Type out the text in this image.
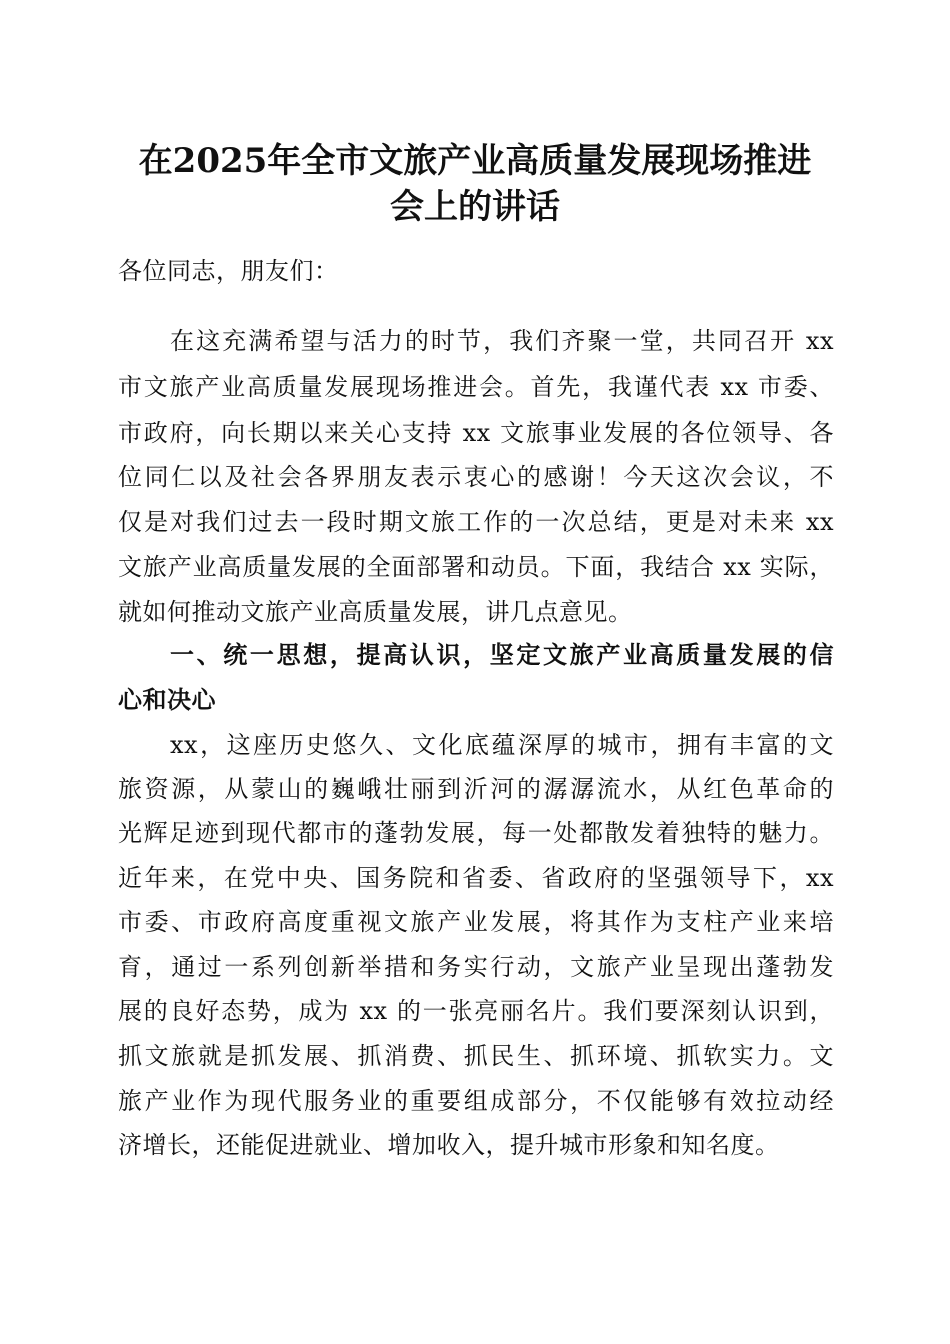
在2025年全市文旅产业高质量发展现场推进
会上的讲话
各位同志，朋友们：
在这充满希望与活力的时节，我们齐聚一堂，共同召开 xx
市文旅产业高质量发展现场推进会。首先，我谨代表 xx 市委、
市政府，向长期以来关心支持 xx 文旅事业发展的各位领导、各
位同仁以及社会各界朋友表示衷心的感谢！今天这次会议，不
仅是对我们过去一段时期文旅工作的一次总结，更是对未来 xx
文旅产业高质量发展的全面部署和动员。下面，我结合 xx 实际，
就如何推动文旅产业高质量发展，讲几点意见。
一、统一思想，提高认识，坚定文旅产业高质量发展的信
心和决心
xx，这座历史悠久、文化底蕴深厚的城市，拥有丰富的文
旅资源，从蒙山的巍峨壮丽到沂河的潺潺流水，从红色革命的
光辉足迹到现代都市的蓬勃发展，每一处都散发着独特的魅力。
近年来，在党中央、国务院和省委、省政府的坚强领导下，xx
市委、市政府高度重视文旅产业发展，将其作为支柱产业来培
育，通过一系列创新举措和务实行动，文旅产业呈现出蓬勃发
展的良好态势，成为 xx 的一张亮丽名片。我们要深刻认识到，
抓文旅就是抓发展、抓消费、抓民生、抓环境、抓软实力。文
旅产业作为现代服务业的重要组成部分，不仅能够有效拉动经
济增长，还能促进就业、增加收入，提升城市形象和知名度。
